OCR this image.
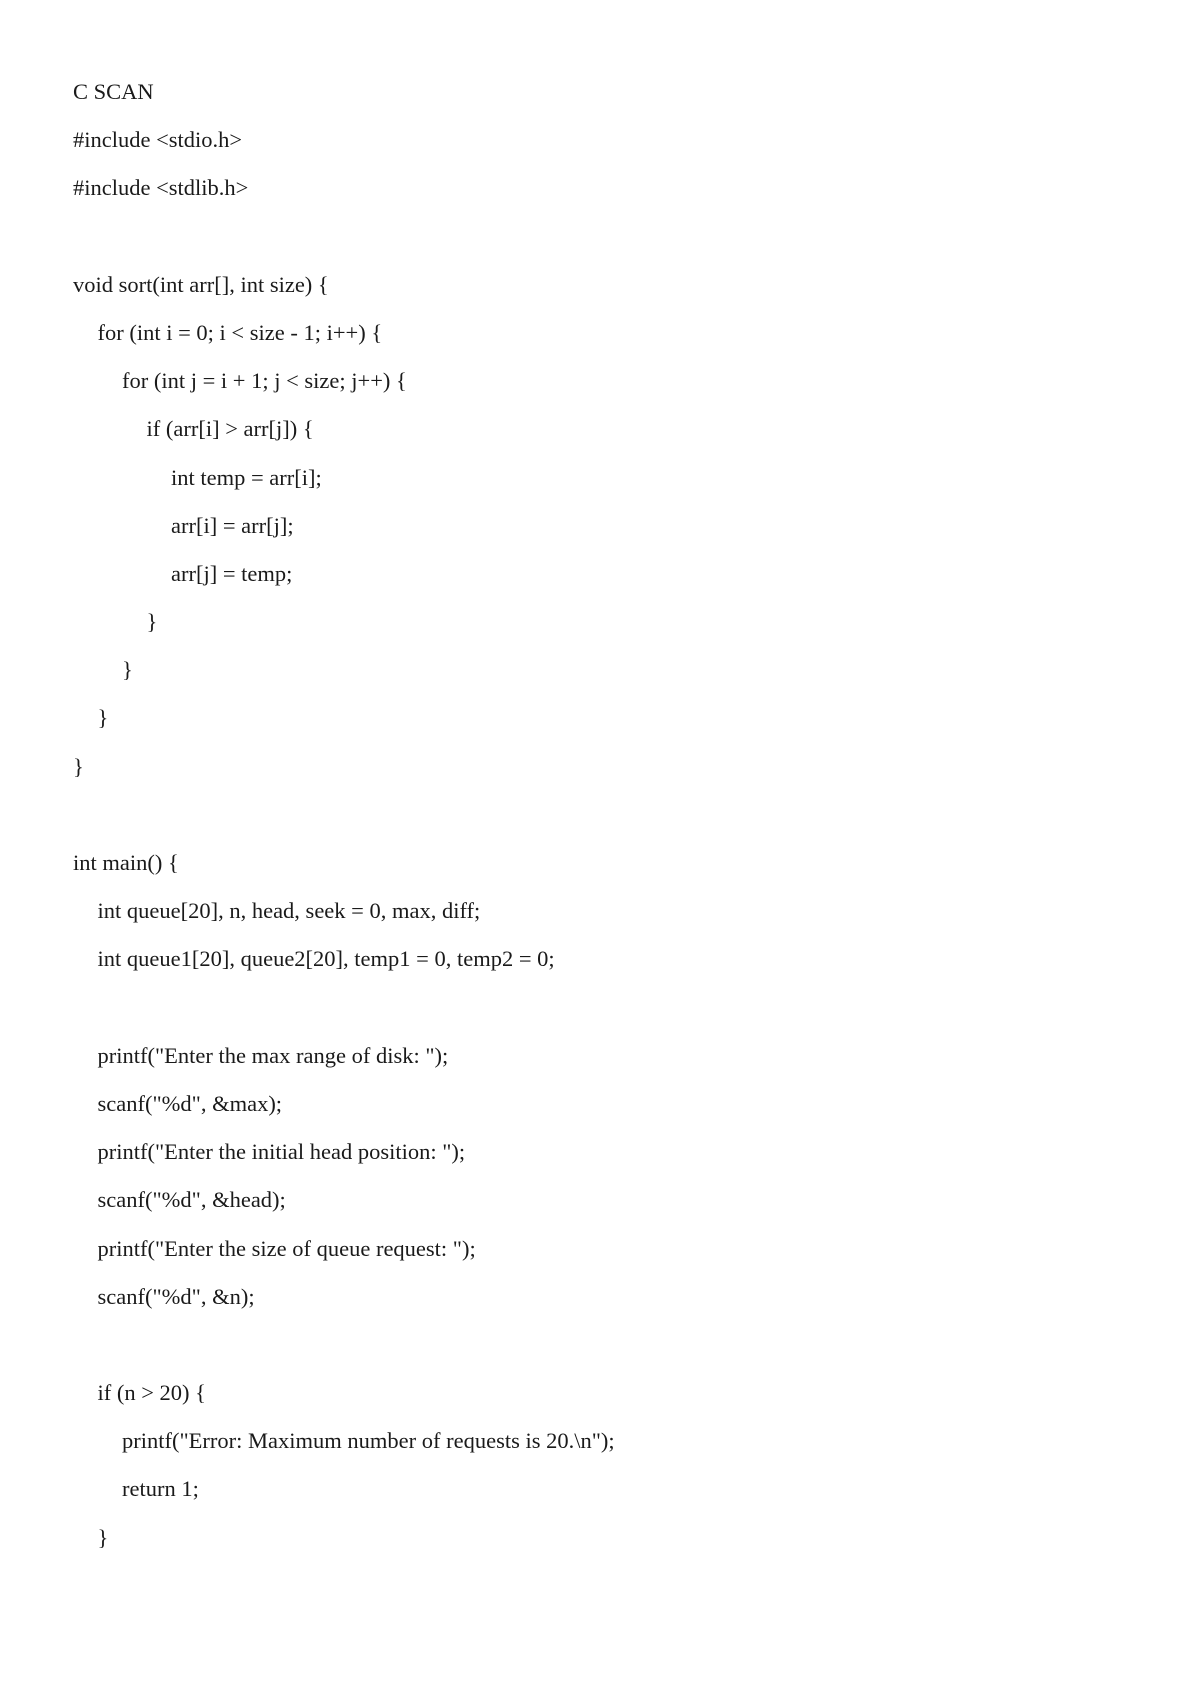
C SCAN
#include <stdio.h>
#include <stdlib.h>
void sort(int arr[], int size) {
for (int i = 0; i < size - 1; i++) {
for (int j = i + 1; j < size; j++) {
if (arr[i] > arr[j]) {
int temp = arr[i];
arr[i] = arr[j];
arr[j] = temp;
}
}
}
}
int main() {
int queue[20], n, head, seek = 0, max, diff;
int queue1[20], queue2[20], temp1 = 0, temp2 = 0;
printf("Enter the max range of disk: ");
scanf("%d", &max);
printf("Enter the initial head position: ");
scanf("%d", &head);
printf("Enter the size of queue request: ");
scanf("%d", &n);
if (n > 20) {
printf("Error: Maximum number of requests is 20.\n");
return 1;
}
